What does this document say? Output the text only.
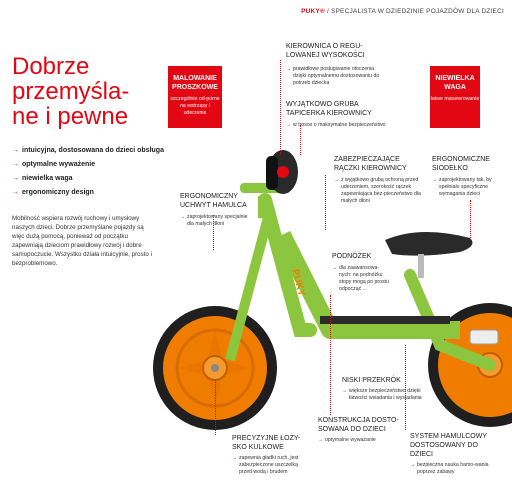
PUKY® / SPECJALISTA W DZIEDZINIE POJAZDÓW DLA DZIECI
Dobrze
przemyśla-
ne i pewne
→ intuicyjna, dostosowana do dzieci obsługa
→ optymalne wyważenie
→ niewielka waga
→ ergonomiczny design
Mobilność wspiera rozwój ruchowy i umysłowy naszych dzieci. Dobrze przemyślane pojazdy są więc dużą pomocą, ponieważ od początku zapewniają dzieciom prawidłowy rozwój i dobre samopoczucie. Wszystko działa intuicyjnie, prosto i bezproblemowo.
PUKY
MALOWANIE PROSZKOWE
szczególnie od-porne na wstrząsy i uderzenia
NIEWIELKA WAGA
łatwe manewrowanie
KIEROWNICA O REGU-LOWANEJ WYSOKOŚCI
→ prawidłowe posługiwanie otoczenia dzięki optymalnemu dostosowaniu do potrzeb dziecka
WYJĄTKOWO GRUBA TAPICERKA KIEROWNICY
→ w trosce o maksymalne bezpieczeństwo
ZABEZPIECZAJĄCE RĄCZKI KIEROWNICY
→ z wyjątkowo grubą ochroną przed uderzeniem, szerokość rączek zapewniająca bez-pieczeństwo dla małych dłoni
ERGONOMICZNE SIODEŁKO
→ zaprojektowany tak, by spełniało specyficzne wymagania dzieci
ERGONOMICZNY UCHWYT HAMULCA
→ zaprojektowany specjalnie dla małych dłoni
PODNÓŻEK
→ dla zaawansowa-nych: na podnóżku stopy mogą po prostu odpocząć ...
NISKI PRZEKRÓK
→ większe bezpieczeństwo dzięki łatwości wsiadania i wysiadania
KONSTRUKCJA DOSTO-SOWANA DO DZIECI
→ optymalne wyważanie
PRECYZYJNE ŁOŻY-SKO KULKOWE
→ zapewnia gładki ruch, jest zabezpieczone uszczelką przed wodą i brudem
SYSTEM HAMULCOWY DOSTOSOWANY DO DZIECI
→ bezpieczna nauka hamo-wania poprzez zabawy
